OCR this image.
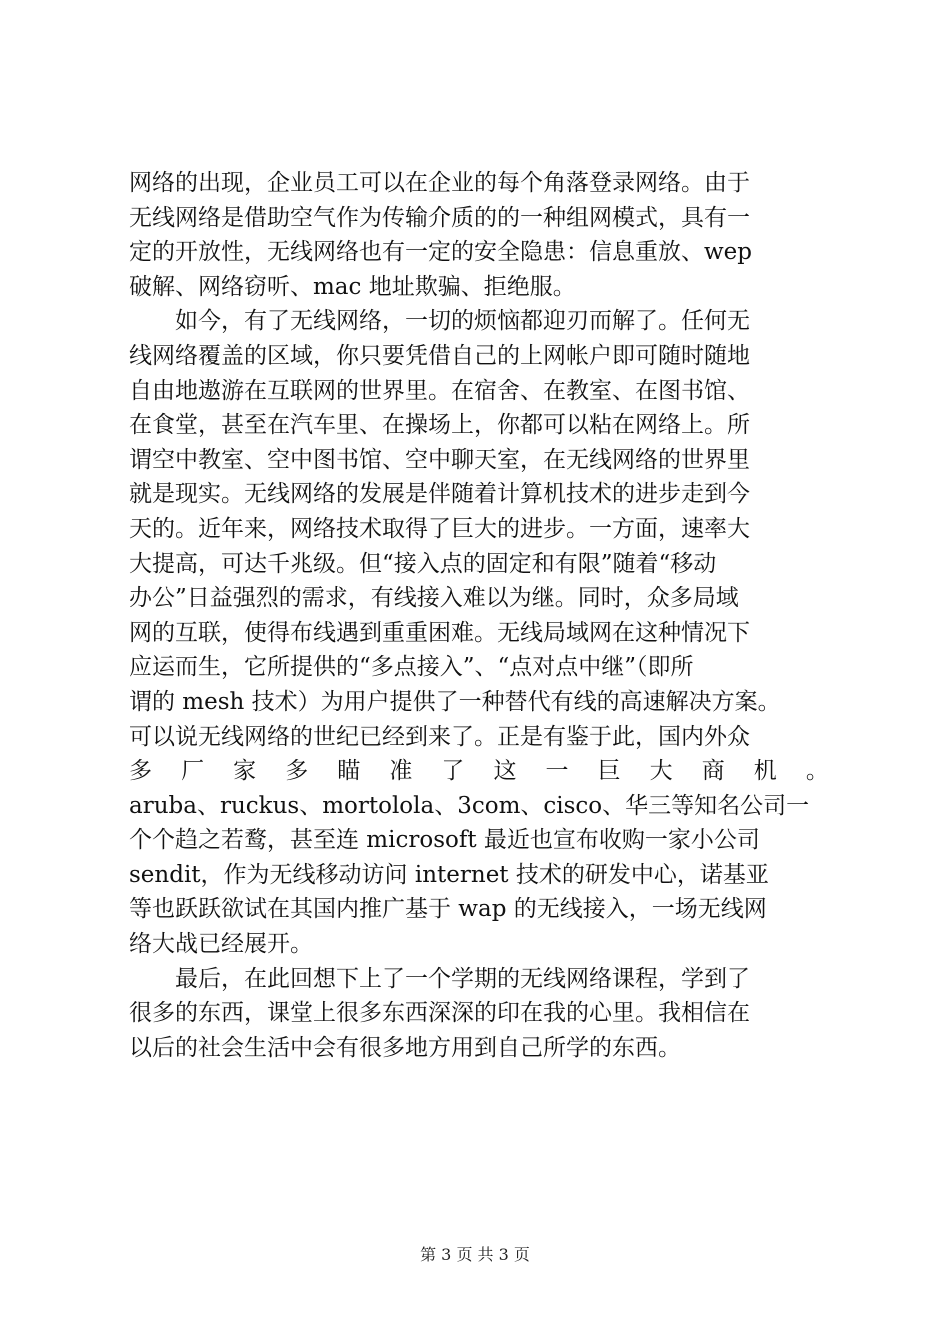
网络的出现，企业员工可以在企业的每个角落登录网络。由于
无线网络是借助空气作为传输介质的的一种组网模式，具有一
定的开放性，无线网络也有一定的安全隐患：信息重放、wep
破解、网络窃听、mac 地址欺骗、拒绝服。
　　如今，有了无线网络，一切的烦恼都迎刃而解了。任何无
线网络覆盖的区域，你只要凭借自己的上网帐户即可随时随地
自由地遨游在互联网的世界里。在宿舍、在教室、在图书馆、
在食堂，甚至在汽车里、在操场上，你都可以粘在网络上。所
谓空中教室、空中图书馆、空中聊天室，在无线网络的世界里
就是现实。无线网络的发展是伴随着计算机技术的进步走到今
天的。近年来，网络技术取得了巨大的进步。一方面，速率大
大提高，可达千兆级。但“接入点的固定和有限”随着“移动
办公”日益强烈的需求，有线接入难以为继。同时，众多局域
网的互联，使得布线遇到重重困难。无线局域网在这种情况下
应运而生，它所提供的“多点接入”、“点对点中继”（即所
谓的 mesh 技术）为用户提供了一种替代有线的高速解决方案。
可以说无线网络的世纪已经到来了。正是有鉴于此，国内外众
多 厂 家 多 瞄 准 了 这 一 巨 大 商 机 。
aruba、ruckus、mortolola、3com、cisco、华三等知名公司一
个个趋之若鹜，甚至连 microsoft 最近也宣布收购一家小公司
sendit，作为无线移动访问 internet 技术的研发中心，诺基亚
等也跃跃欲试在其国内推广基于 wap 的无线接入，一场无线网
络大战已经展开。
　　最后，在此回想下上了一个学期的无线网络课程，学到了
很多的东西，课堂上很多东西深深的印在我的心里。我相信在
以后的社会生活中会有很多地方用到自己所学的东西。
第 3 页 共 3 页
